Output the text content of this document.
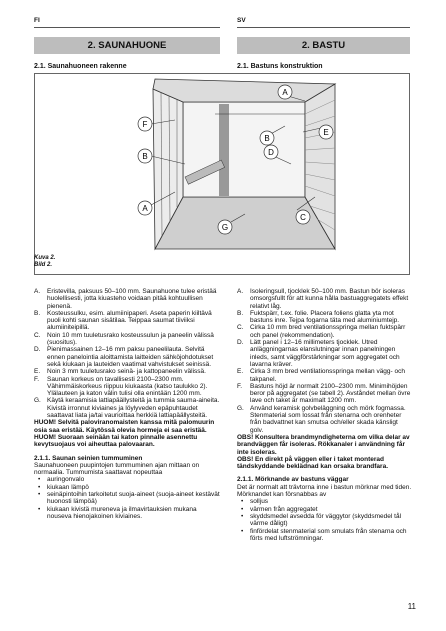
FI	SV
2. SAUNAHUONE	2. BASTU
2.1. Saunahuoneen rakenne	2.1. Bastuns konstruktion
A
A
B
B
C
D
E
F
G
Kuva 2.
Bild 2.
A. Eristevilla, paksuus 50–100 mm. Saunahuone tulee eristää huolellisesti, jotta kiuasteho voidaan pitää kohtuullisen pienenä.
B. Kosteussulku, esim. alumiinipaperi. Aseta paperin kiiltävä puoli kohti saunan sisätilaa. Teippaa saumat tiiviiksi alumiiniteipillä.
C. Noin 10 mm tuuletusrako kosteussulun ja paneelin välissä (suositus).
D. Pienimassainen 12–16 mm paksu paneelilauta. Selvitä ennen panelointia aloittamista laitteiden sähköjohdotukset sekä kiukaan ja lauteiden vaatimat vahvistukset seinissä.
E. Noin 3 mm tuuletusrako seinä- ja kattopaneelin välissä.
F. Saunan korkeus on tavallisesti 2100–2300 mm. Vähimmäiskorkeus riippuu kiukaasta (katso taulukko 2). Ylälauteen ja katon välin tulisi olla enintään 1200 mm.
G. Käytä keraamisia lattiapäällysteitä ja tummia sauma-aineita. Kivistä irronnut kiviaines ja löylyveden epäpuhtaudet saattavat liata ja/tai vaurioittaa herkkiä lattiapäällysteitä.
HUOM! Selvitä paloviranomaisten kanssa mitä palomuurin osia saa eristää. Käytössä olevia hormeja ei saa eristää.
HUOM! Suoraan seinään tai katon pinnalle asennettu kevytsuojaus voi aiheuttaa palovaaran.
2.1.1. Saunan seinien tummuminen
Saunahuoneen puupintojen tummuminen ajan mittaan on normaalia. Tummumista saattavat nopeuttaa
• auringonvalo
• kiukaan lämpö
• seinäpintoihin tarkoitetut suoja-aineet (suoja-aineet kestävät huonosti lämpöä)
• kiukaan kivistä mureneva ja ilmavirtauksien mukana nouseva hienojakoinen kiviaines.
A. Isoleringsull, tjocklek 50–100 mm. Bastun bör isoleras omsorgsfullt för att kunna hålla bastuaggregatets effekt relativt låg.
B. Fuktspärr, t.ex. folie. Placera foliens glatta yta mot bastuns inre. Tejpa fogarna täta med aluminiumtejp.
C. Cirka 10 mm bred ventilationsspringa mellan fuktspärr och panel (rekommendation).
D. Lätt panel i 12–16 millimeters tjocklek. Utred anläggningarnas elanslutningar innan panelningen inleds, samt väggförstärkningar som aggregatet och lavarna kräver.
E. Cirka 3 mm bred ventilationsspringa mellan vägg- och takpanel.
F. Bastuns höjd är normalt 2100–2300 mm. Minimihöjden beror på aggregatet (se tabell 2). Avståndet mellan övre lave och taket är maximalt 1200 mm.
G. Använd keramisk golvbeläggning och mörk fogmassa. Stenmaterial som lossat från stenarna och orenheter från badvattnet kan smutsa och/eller skada känsligt golv.
OBS! Konsultera brandmyndigheterna om vilka delar av brandväggen får isoleras. Rökkanaler i användning får inte isoleras.
OBS! En direkt på väggen eller i taket monterad tändskyddande beklädnad kan orsaka brandfara.
2.1.1. Mörknande av bastuns väggar
Det är normalt att trävtorna inne i bastun mörknar med tiden. Mörknandet kan försnabbas av
• solljus
• värmen från aggregatet
• skyddsmedel avsedda för väggytor (skyddsmedel tål värme dåligt)
• finfördelat stenmaterial som smulats från stenarna och förts med luftströmningar.
11
